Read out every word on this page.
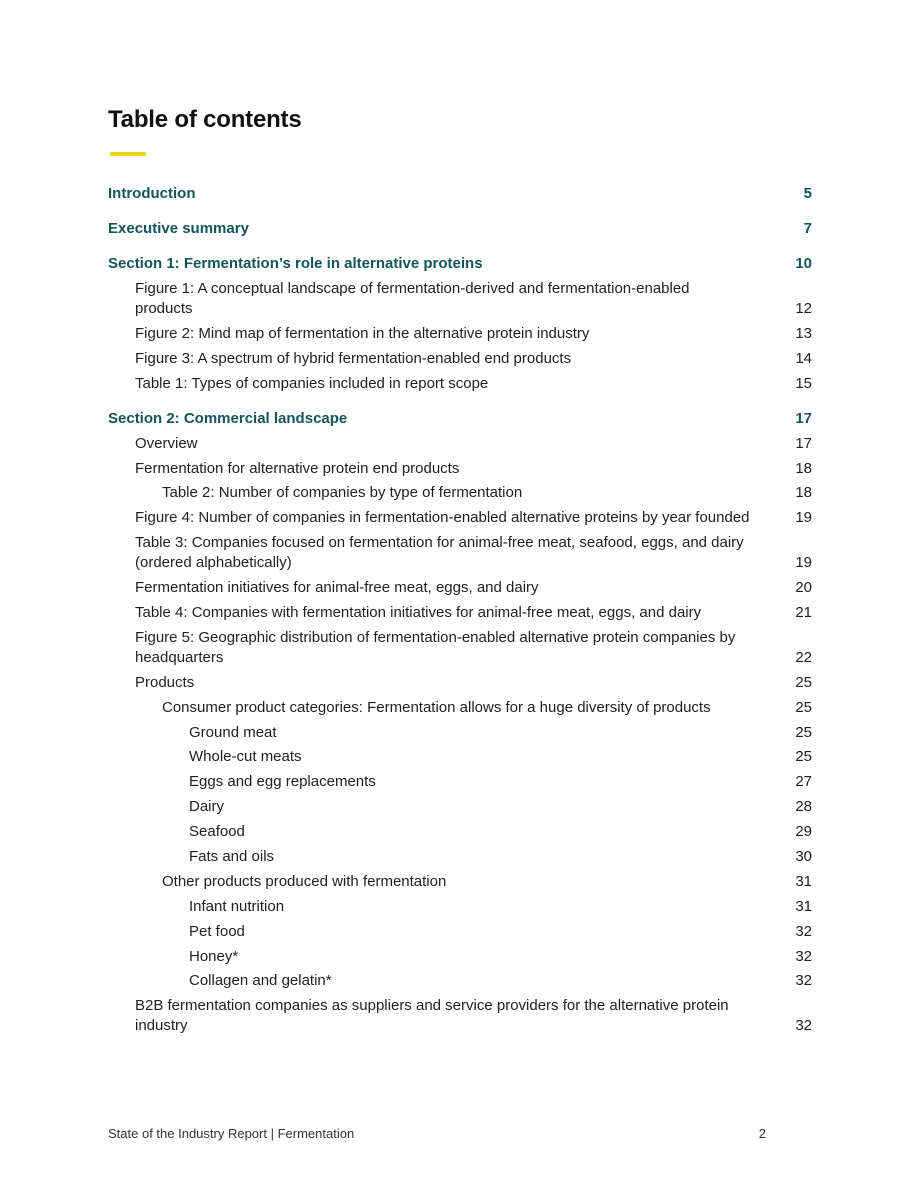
Table of contents
Introduction	5
Executive summary	7
Section 1: Fermentation’s role in alternative proteins	10
Figure 1: A conceptual landscape of fermentation-derived and fermentation-enabled products	12
Figure 2: Mind map of fermentation in the alternative protein industry	13
Figure 3: A spectrum of hybrid fermentation-enabled end products	14
Table 1: Types of companies included in report scope	15
Section 2: Commercial landscape	17
Overview	17
Fermentation for alternative protein end products	18
Table 2: Number of companies by type of fermentation	18
Figure 4: Number of companies in fermentation-enabled alternative proteins by year founded	19
Table 3: Companies focused on fermentation for animal-free meat, seafood, eggs, and dairy (ordered alphabetically)	19
Fermentation initiatives for animal-free meat, eggs, and dairy	20
Table 4: Companies with fermentation initiatives for animal-free meat, eggs, and dairy	21
Figure 5: Geographic distribution of fermentation-enabled alternative protein companies by headquarters	22
Products	25
Consumer product categories: Fermentation allows for a huge diversity of products	25
Ground meat	25
Whole-cut meats	25
Eggs and egg replacements	27
Dairy	28
Seafood	29
Fats and oils	30
Other products produced with fermentation	31
Infant nutrition	31
Pet food	32
Honey*	32
Collagen and gelatin*	32
B2B fermentation companies as suppliers and service providers for the alternative protein industry	32
State of the Industry Report | Fermentation	2
